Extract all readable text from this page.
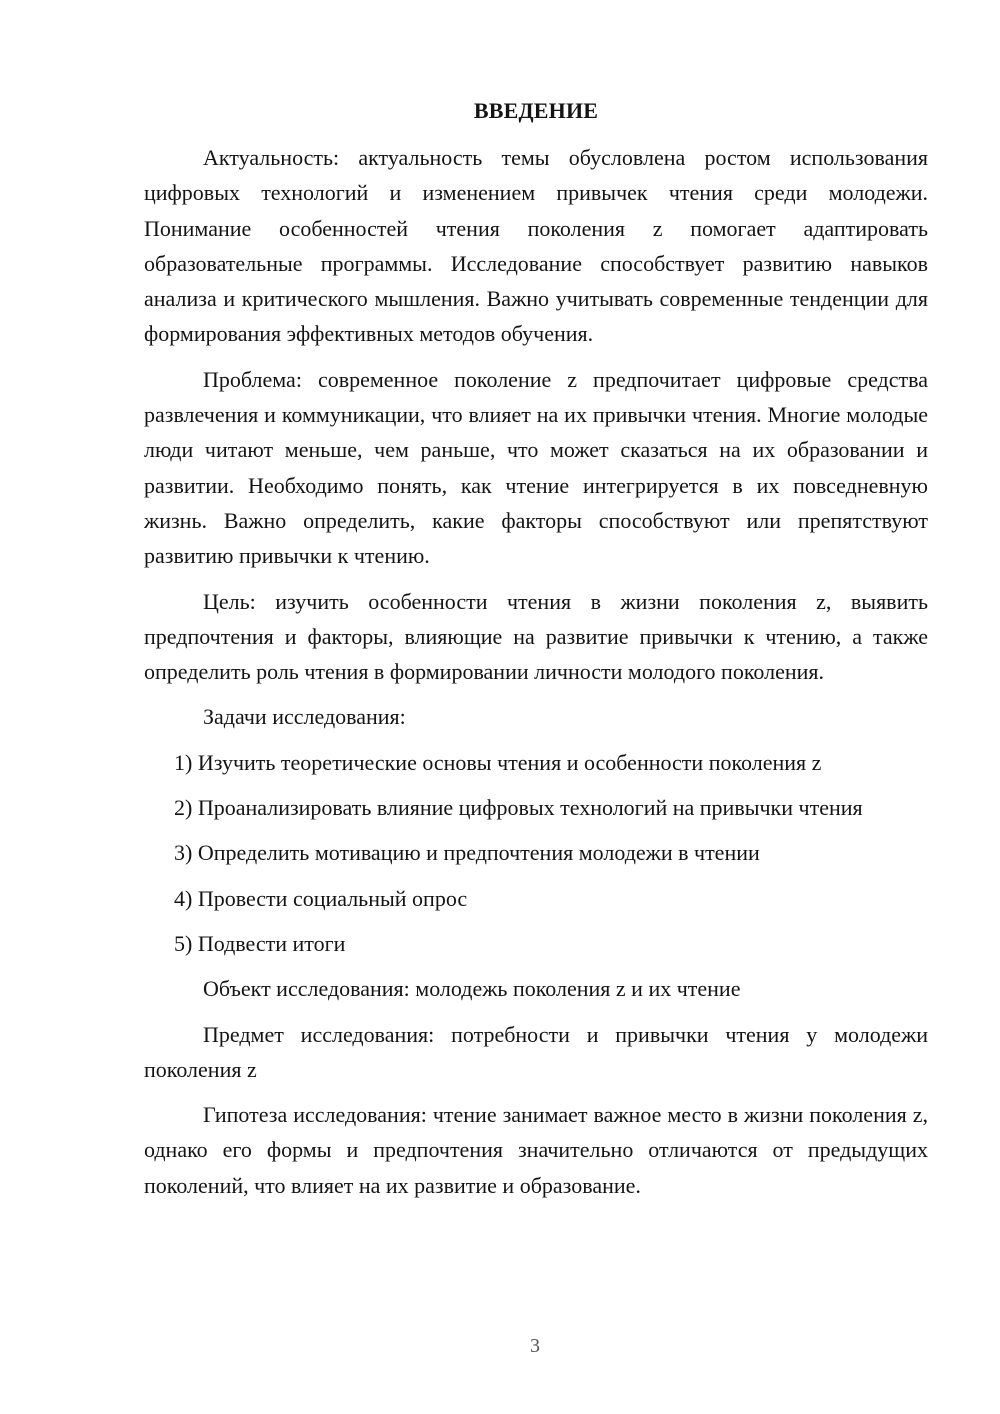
ВВЕДЕНИЕ

Актуальность: актуальность темы обусловлена ростом использования цифровых технологий и изменением привычек чтения среди молодежи. Понимание особенностей чтения поколения z помогает адаптировать образовательные программы. Исследование способствует развитию навыков анализа и критического мышления. Важно учитывать современные тенденции для формирования эффективных методов обучения.

Проблема: современное поколение z предпочитает цифровые средства развлечения и коммуникации, что влияет на их привычки чтения. Многие молодые люди читают меньше, чем раньше, что может сказаться на их образовании и развитии. Необходимо понять, как чтение интегрируется в их повседневную жизнь. Важно определить, какие факторы способствуют или препятствуют развитию привычки к чтению.

Цель: изучить особенности чтения в жизни поколения z, выявить предпочтения и факторы, влияющие на развитие привычки к чтению, а также определить роль чтения в формировании личности молодого поколения.

Задачи исследования:

1) Изучить теоретические основы чтения и особенности поколения z

2) Проанализировать влияние цифровых технологий на привычки чтения

3) Определить мотивацию и предпочтения молодежи в чтении

4) Провести социальный опрос

5) Подвести итоги

Объект исследования: молодежь поколения z и их чтение

Предмет исследования: потребности и привычки чтения у молодежи поколения z

Гипотеза исследования: чтение занимает важное место в жизни поколения z, однако его формы и предпочтения значительно отличаются от предыдущих поколений, что влияет на их развитие и образование.

3
